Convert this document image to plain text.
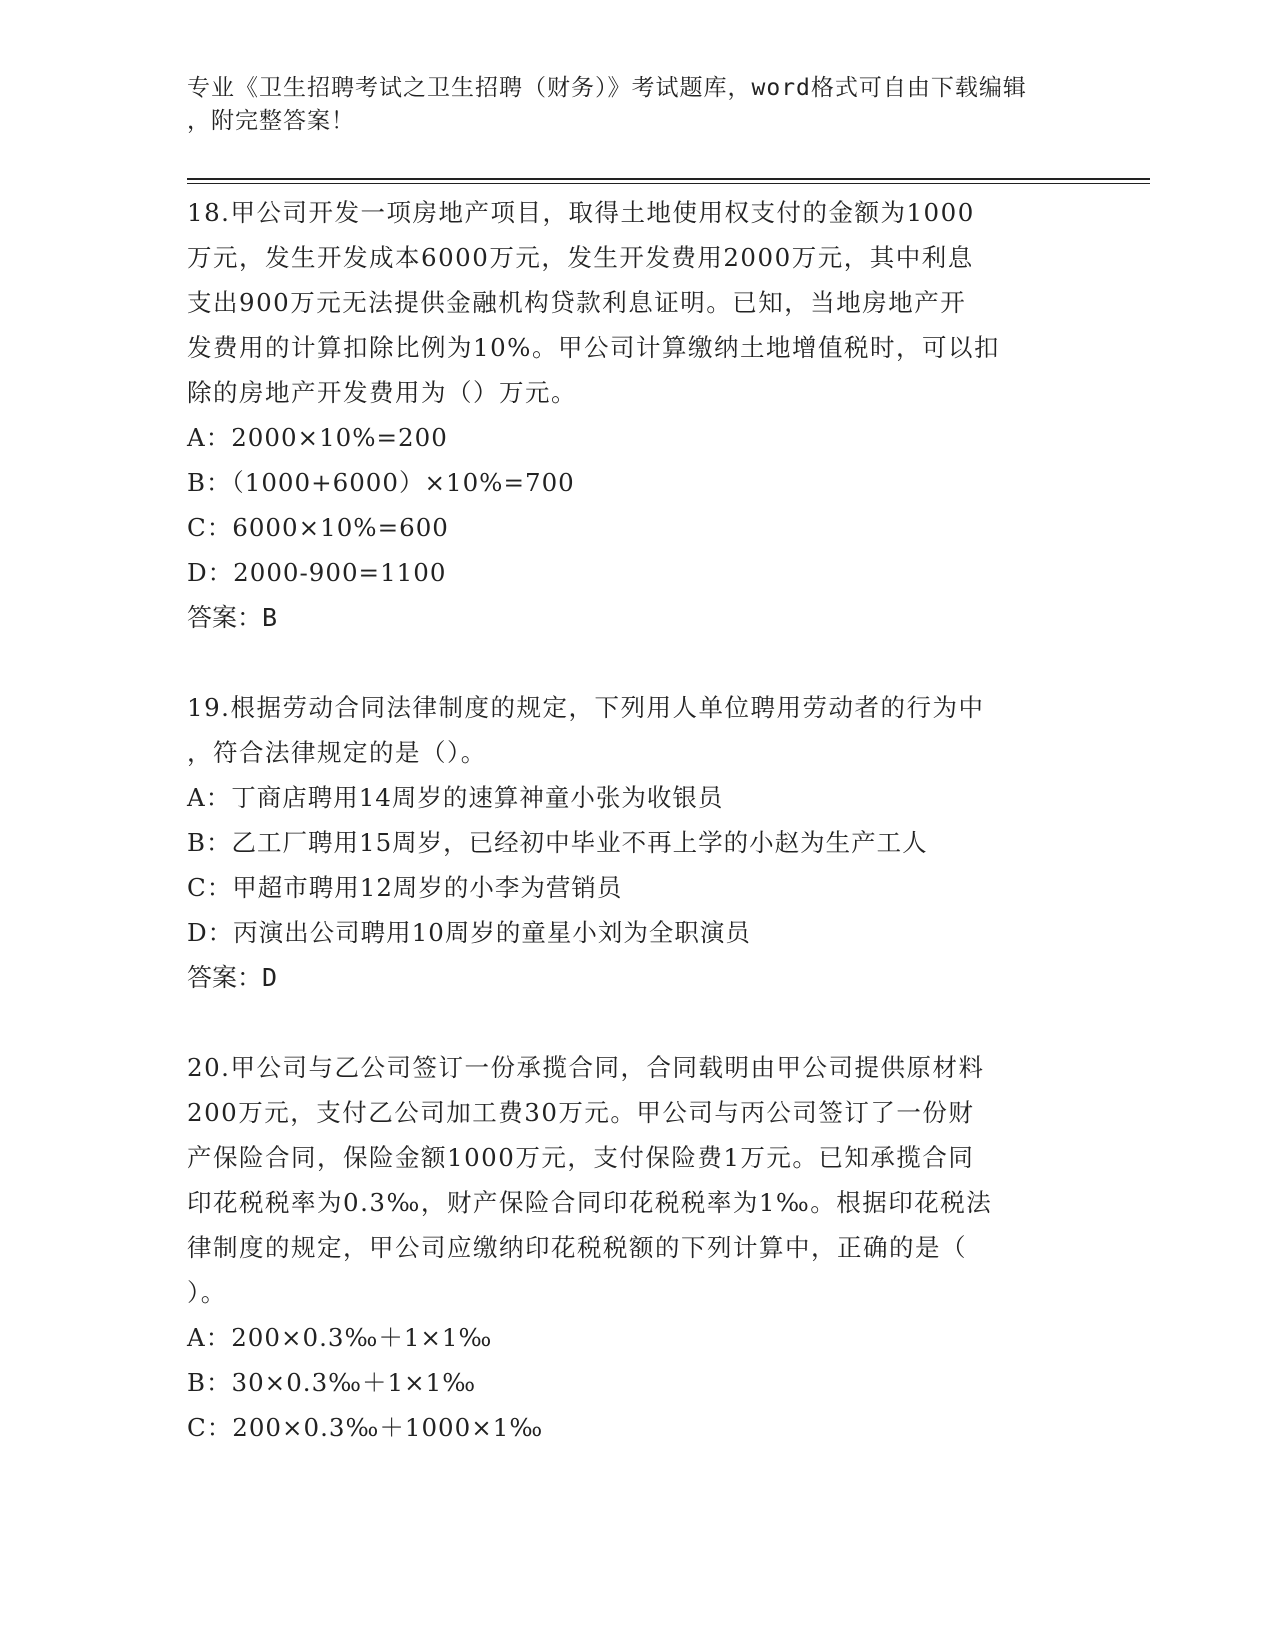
专业《卫生招聘考试之卫生招聘（财务）》考试题库，word格式可自由下载编辑
，附完整答案！
18.甲公司开发一项房地产项目，取得土地使用权支付的金额为1000
万元，发生开发成本6000万元，发生开发费用2000万元，其中利息
支出900万元无法提供金融机构贷款利息证明。已知，当地房地产开
发费用的计算扣除比例为10%。甲公司计算缴纳土地增值税时，可以扣
除的房地产开发费用为（）万元。
A：2000×10%=200
B：（1000+6000）×10%=700
C：6000×10%=600
D：2000-900=1100
答案：B
19.根据劳动合同法律制度的规定，下列用人单位聘用劳动者的行为中
，符合法律规定的是（）。
A：丁商店聘用14周岁的速算神童小张为收银员
B：乙工厂聘用15周岁，已经初中毕业不再上学的小赵为生产工人
C：甲超市聘用12周岁的小李为营销员
D：丙演出公司聘用10周岁的童星小刘为全职演员
答案：D
20.甲公司与乙公司签订一份承揽合同，合同载明由甲公司提供原材料
200万元，支付乙公司加工费30万元。甲公司与丙公司签订了一份财
产保险合同，保险金额1000万元，支付保险费1万元。已知承揽合同
印花税税率为0.3‰，财产保险合同印花税税率为1‰。根据印花税法
律制度的规定，甲公司应缴纳印花税税额的下列计算中，正确的是（
）。
A：200×0.3‰＋1×1‰
B：30×0.3‰＋1×1‰
C：200×0.3‰＋1000×1‰
